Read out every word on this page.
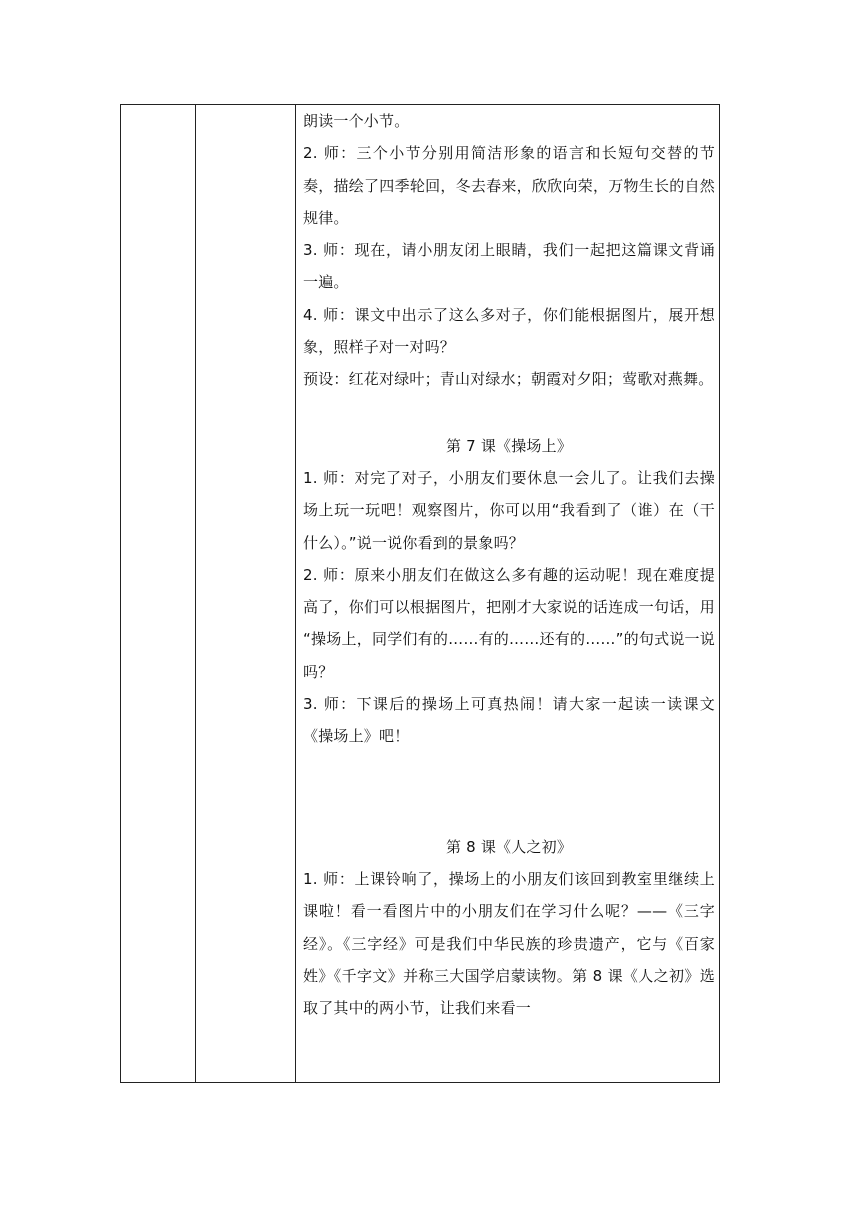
朗读一个小节。

2. 师：三个小节分别用简洁形象的语言和长短句交替的节奏，描绘了四季轮回，冬去春来，欣欣向荣，万物生长的自然规律。

3. 师：现在，请小朋友闭上眼睛，我们一起把这篇课文背诵一遍。

4. 师：课文中出示了这么多对子，你们能根据图片，展开想象，照样子对一对吗？

预设：红花对绿叶；青山对绿水；朝霞对夕阳；莺歌对燕舞。

第 7 课《操场上》

1. 师：对完了对子，小朋友们要休息一会儿了。让我们去操场上玩一玩吧！观察图片，你可以用“我看到了（谁）在（干什么）。”说一说你看到的景象吗？

2. 师：原来小朋友们在做这么多有趣的运动呢！现在难度提高了，你们可以根据图片，把刚才大家说的话连成一句话，用 “操场上，同学们有的……有的……还有的……”的句式说一说吗？

3. 师：下课后的操场上可真热闹！请大家一起读一读课文《操场上》吧！

第 8 课《人之初》

1. 师：上课铃响了，操场上的小朋友们该回到教室里继续上课啦！看一看图片中的小朋友们在学习什么呢？——《三字经》。《三字经》可是我们中华民族的珍贵遗产，它与《百家姓》《千字文》并称三大国学启蒙读物。第 8 课《人之初》选取了其中的两小节，让我们来看一
